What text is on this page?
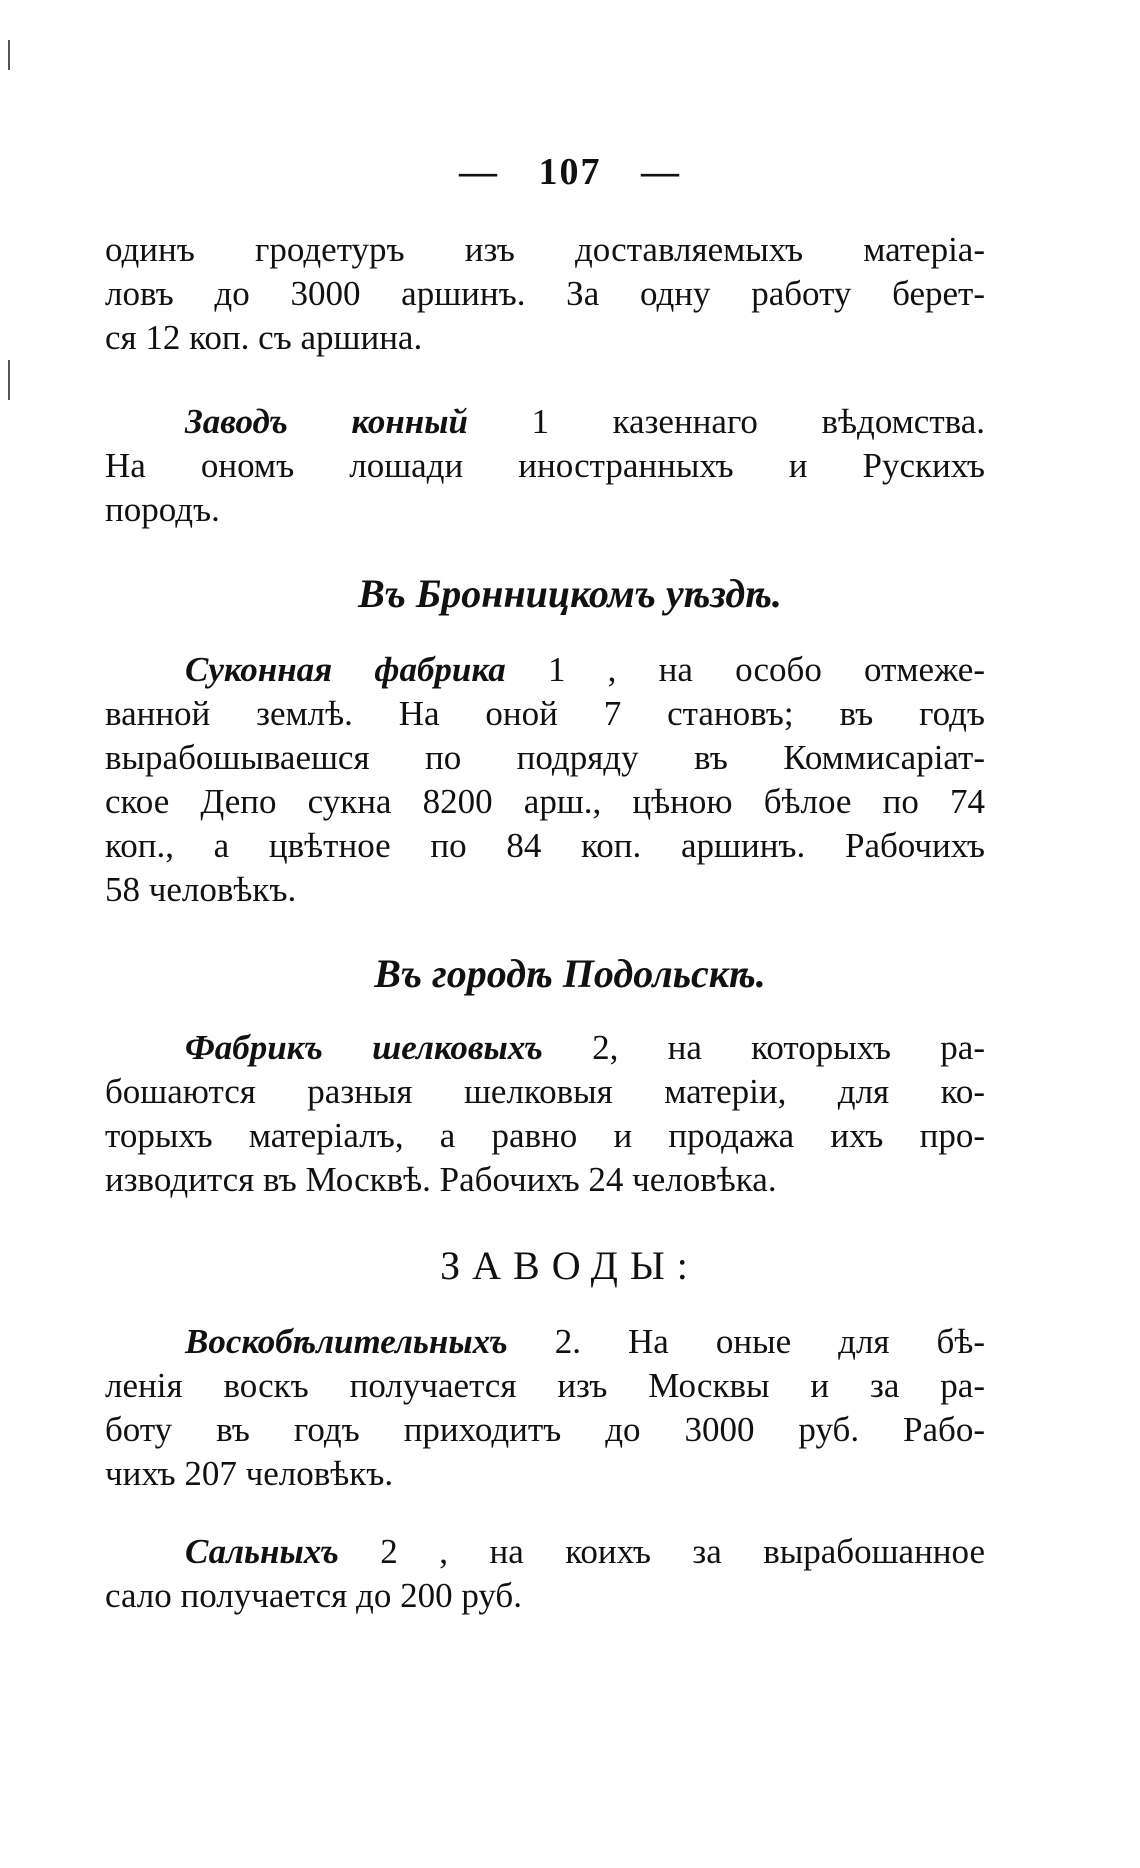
— 107 —
одинъ гродетуръ изъ доставляемыхъ матеріа-
ловъ до 3000 аршинъ. За одну работу берет-
ся 12 коп. съ аршина.
Заводъ конный 1 казеннаго вѣдомства.
На ономъ лошади иностранныхъ и Рускихъ
породъ.
Въ Бронницкомъ уѣздѣ.
Суконная фабрика 1 , на особо отмеже-
ванной землѣ. На оной 7 становъ; въ годъ
вырабошываешся по подряду въ Коммисаріат-
ское Депо сукна 8200 арш., цѣною бѣлое по 74
коп., а цвѣтное по 84 коп. аршинъ. Рабочихъ
58 человѣкъ.
Въ городѣ Подольскѣ.
Фабрикъ шелковыхъ 2, на которыхъ ра-
бошаются разныя шелковыя матеріи, для ко-
торыхъ матеріалъ, а равно и продажа ихъ про-
изводится въ Москвѣ. Рабочихъ 24 человѣка.
ЗАВОДЫ:
Воскобѣлительныхъ 2. На оные для бѣ-
ленія воскъ получается изъ Москвы и за ра-
боту въ годъ приходитъ до 3000 руб. Рабо-
чихъ 207 человѣкъ.
Сальныхъ 2 , на коихъ за вырабошанное
сало получается до 200 руб.
